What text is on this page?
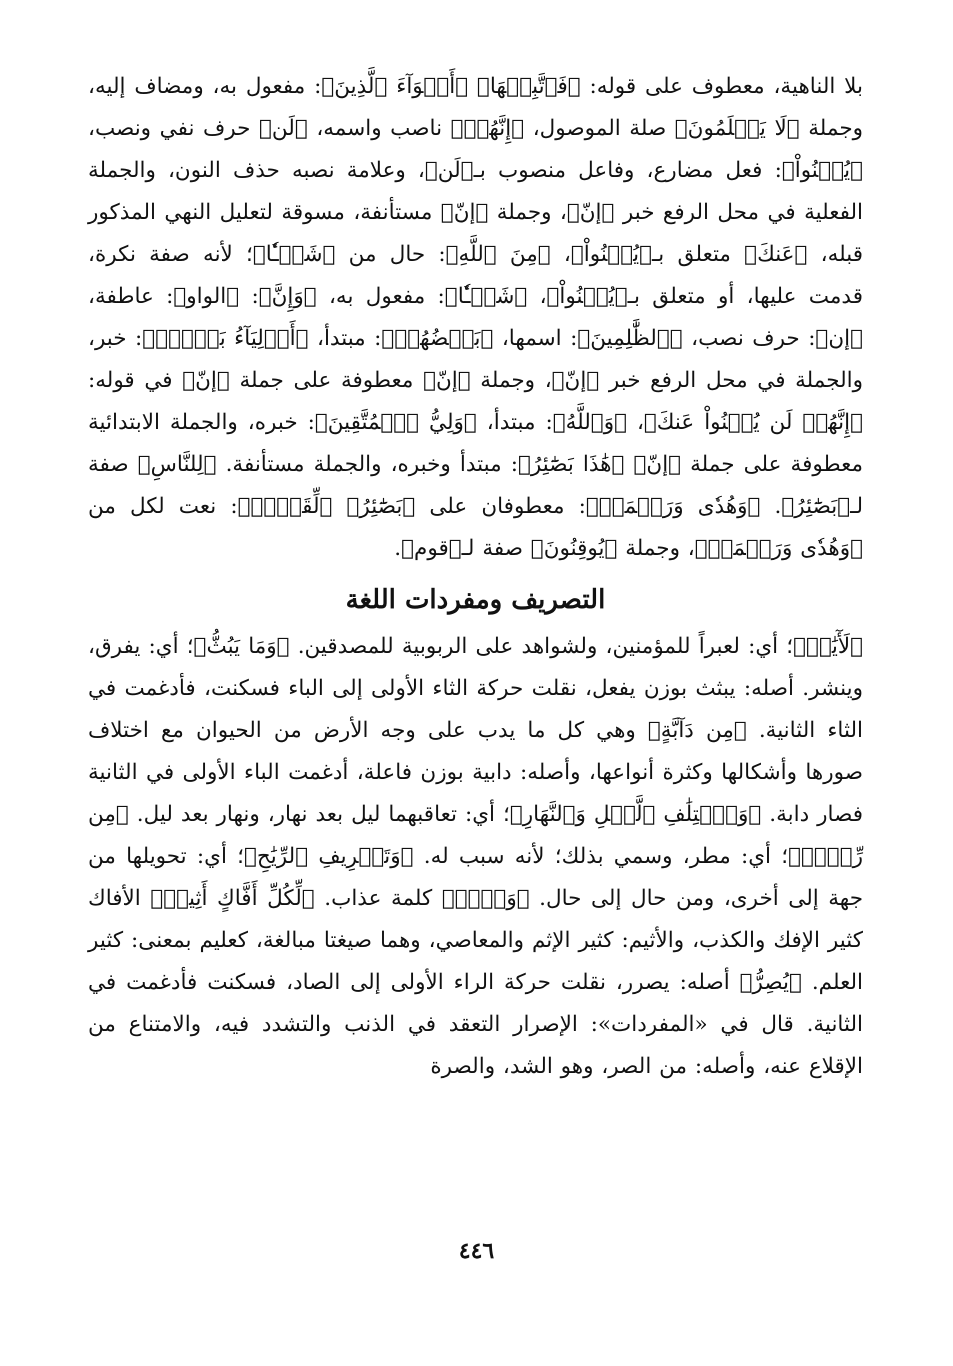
بلا الناهية، معطوف على قوله: ﴿فَٱتَّبِعۡهَا﴾ ﴿أَهۡوَآءَ ٱلَّذِينَ﴾: مفعول به، ومضاف إليه، وجملة ﴿لَا يَعۡلَمُونَ﴾ صلة الموصول، ﴿إِنَّهُمۡ﴾ ناصب واسمه، ﴿لَن﴾ حرف نفي ونصب، ﴿يُغۡنُواْ﴾: فعل مضارع، وفاعل منصوب بـ﴿لَن﴾، وعلامة نصبه حذف النون، والجملة الفعلية في محل الرفع خبر ﴿إنّ﴾، وجملة ﴿إنّ﴾ مستأنفة، مسوقة لتعليل النهي المذكور قبله، ﴿عَنكَ﴾ متعلق بـ﴿يُغۡنُواْ﴾، ﴿مِنَ ٱللَّهِ﴾: حال من ﴿شَيۡـٔٗا﴾؛ لأنه صفة نكرة، قدمت عليها، أو متعلق بـ﴿يُغۡنُواْ﴾، ﴿شَيۡـٔٗا﴾: مفعول به، ﴿وَإِنَّ﴾: ﴿الواو﴾: عاطفة، ﴿إن﴾: حرف نصب، ﴿ٱلظَّٰلِمِينَ﴾: اسمها، ﴿بَعۡضُهُمۡ﴾: مبتدأ، ﴿أَوۡلِيَآءُ بَعۡضٖۖ﴾: خبر، والجملة في محل الرفع خبر ﴿إنّ﴾، وجملة ﴿إنّ﴾ معطوفة على جملة ﴿إنّ﴾ في قوله: ﴿إِنَّهُمۡ لَن يُغۡنُواْ عَنكَ﴾، ﴿وَٱللَّهُ﴾: مبتدأ، ﴿وَلِيُّ ٱلۡمُتَّقِينَ﴾: خبره، والجملة الابتدائية معطوفة على جملة ﴿إنّ﴾ ﴿هَٰذَا بَصَٰٓئِرُ﴾: مبتدأ وخبره، والجملة مستأنفة. ﴿لِلنَّاسِ﴾ صفة لـ﴿بَصَٰٓئِرُ﴾. ﴿وَهُدٗى وَرَحۡمَةٞ﴾: معطوفان على ﴿بَصَٰٓئِرُ﴾ ﴿لِّقَوۡمٖ﴾: نعت لكل من ﴿وَهُدٗى وَرَحۡمَةٞ﴾، وجملة ﴿يُوقِنُونَ﴾ صفة لـ﴿قوم﴾.

التصريف ومفردات اللغة

﴿لَأٓيَٰتٖ﴾؛ أي: لعبراً للمؤمنين، ولشواهد على الربوبية للمصدقين. ﴿وَمَا يَبُثُّ﴾؛ أي: يفرق، وينشر. أصله: يبثث بوزن يفعل، نقلت حركة الثاء الأولى إلى الباء فسكنت، فأدغمت في الثاء الثانية. ﴿مِن دَآبَّةٍ﴾ وهي كل ما يدب على وجه الأرض من الحيوان مع اختلاف صورها وأشكالها وكثرة أنواعها، وأصله: دابية بوزن فاعلة، أدغمت الباء الأولى في الثانية فصار دابة. ﴿وَٱخۡتِلَٰفِ ٱلَّيۡلِ وَٱلنَّهَارِ﴾؛ أي: تعاقبهما ليل بعد نهار، ونهار بعد ليل. ﴿مِن رِّزۡقٖ﴾؛ أي: مطر، وسمي بذلك؛ لأنه سبب له. ﴿وَتَصۡرِيفِ ٱلرِّيَٰحِ﴾؛ أي: تحويلها من جهة إلى أخرى، ومن حال إلى حال. ﴿وَيۡلٞ﴾ كلمة عذاب. ﴿لِّكُلِّ أَفَّاكٍ أَثِيمٖ﴾ الأفاك كثير الإفك والكذب، والأثيم: كثير الإثم والمعاصي، وهما صيغتا مبالغة، كعليم بمعنى: كثير العلم. ﴿يُصِرُّ﴾ أصله: يصرر، نقلت حركة الراء الأولى إلى الصاد، فسكنت فأدغمت في الثانية. قال في «المفردات»: الإصرار التعقد في الذنب والتشدد فيه، والامتناع من الإقلاع عنه، وأصله: من الصر، وهو الشد، والصرة

٤٤٦
